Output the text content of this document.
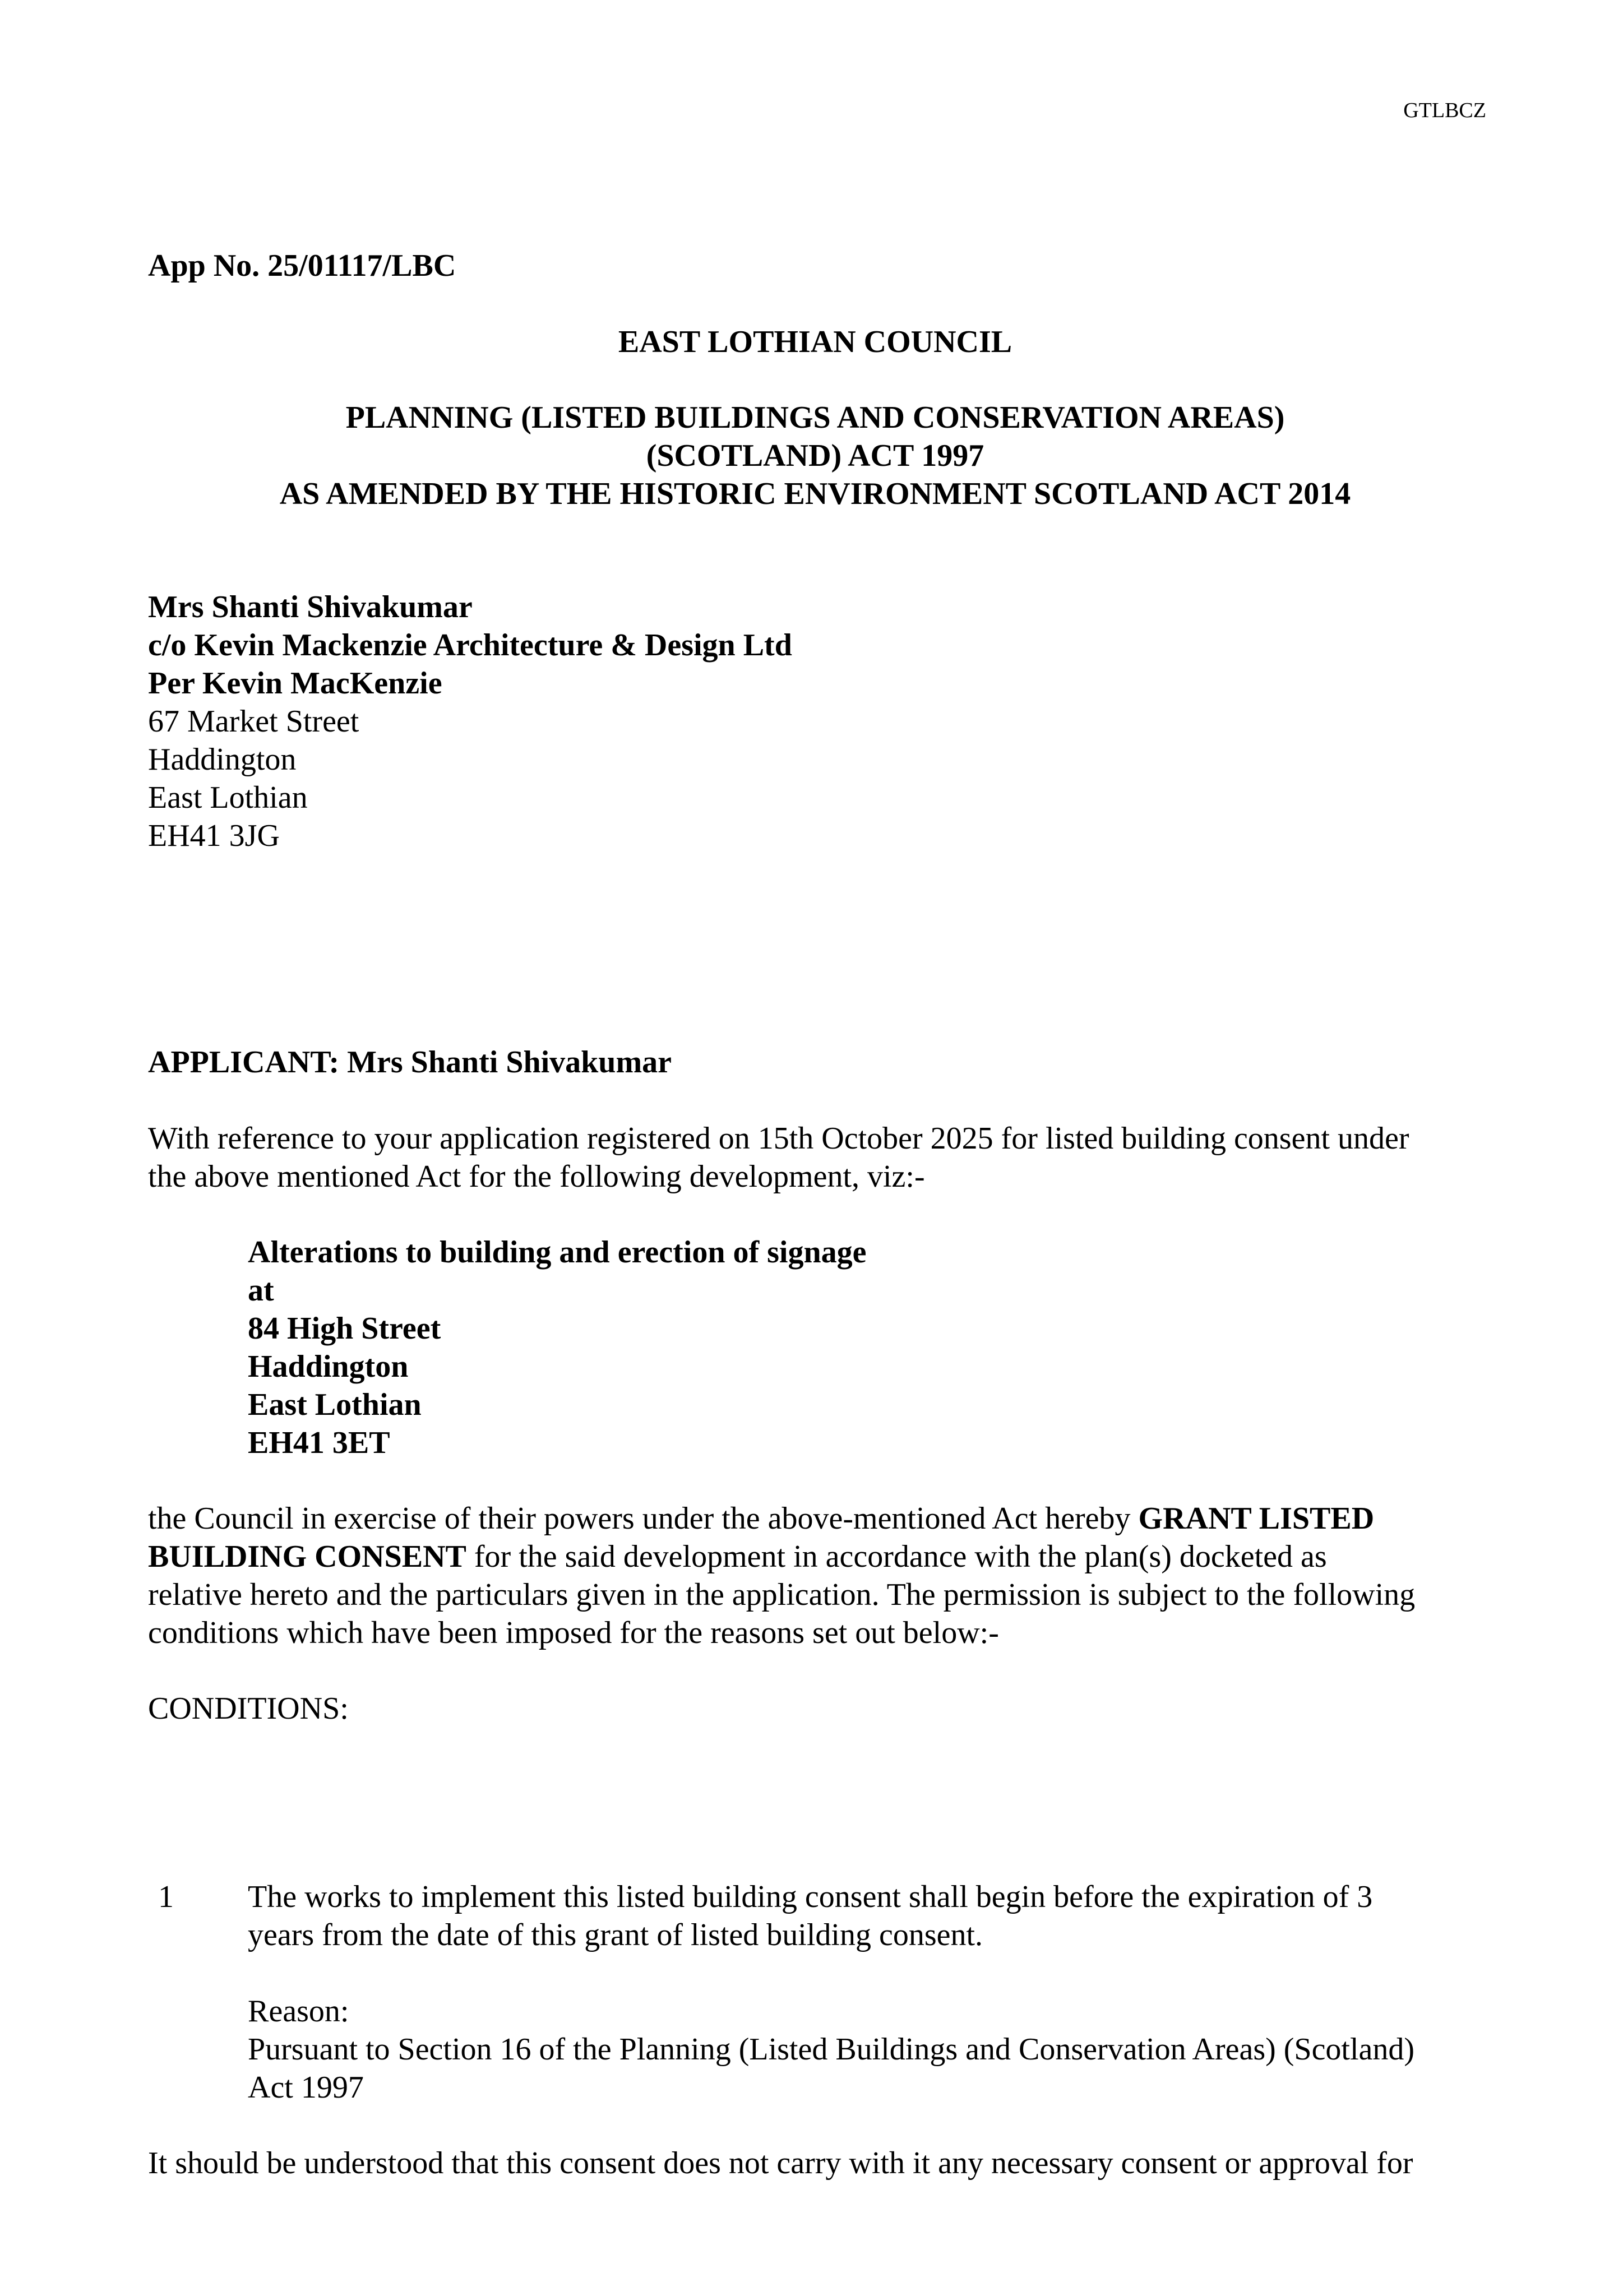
GTLBCZ

App No. 25/01117/LBC

EAST LOTHIAN COUNCIL

PLANNING (LISTED BUILDINGS AND CONSERVATION AREAS)
(SCOTLAND) ACT 1997
AS AMENDED BY THE HISTORIC ENVIRONMENT SCOTLAND ACT 2014
Mrs Shanti Shivakumar
c/o Kevin Mackenzie Architecture & Design Ltd
Per Kevin MacKenzie
67 Market Street
Haddington
East Lothian
EH41 3JG

APPLICANT: Mrs Shanti Shivakumar

With reference to your application registered on 15th October 2025 for listed building consent under
the above mentioned Act for the following development, viz:-
Alterations to building and erection of signage
at
84 High Street
Haddington
East Lothian
EH41 3ET
the Council in exercise of their powers under the above-mentioned Act hereby GRANT LISTED
BUILDING CONSENT for the said development in accordance with the plan(s) docketed as
relative hereto and the particulars given in the application. The permission is subject to the following
conditions which have been imposed for the reasons set out below:-

CONDITIONS:

1 The works to implement this listed building consent shall begin before the expiration of 3
years from the date of this grant of listed building consent.
Reason:
Pursuant to Section 16 of the Planning (Listed Buildings and Conservation Areas) (Scotland)
Act 1997

It should be understood that this consent does not carry with it any necessary consent or approval for
